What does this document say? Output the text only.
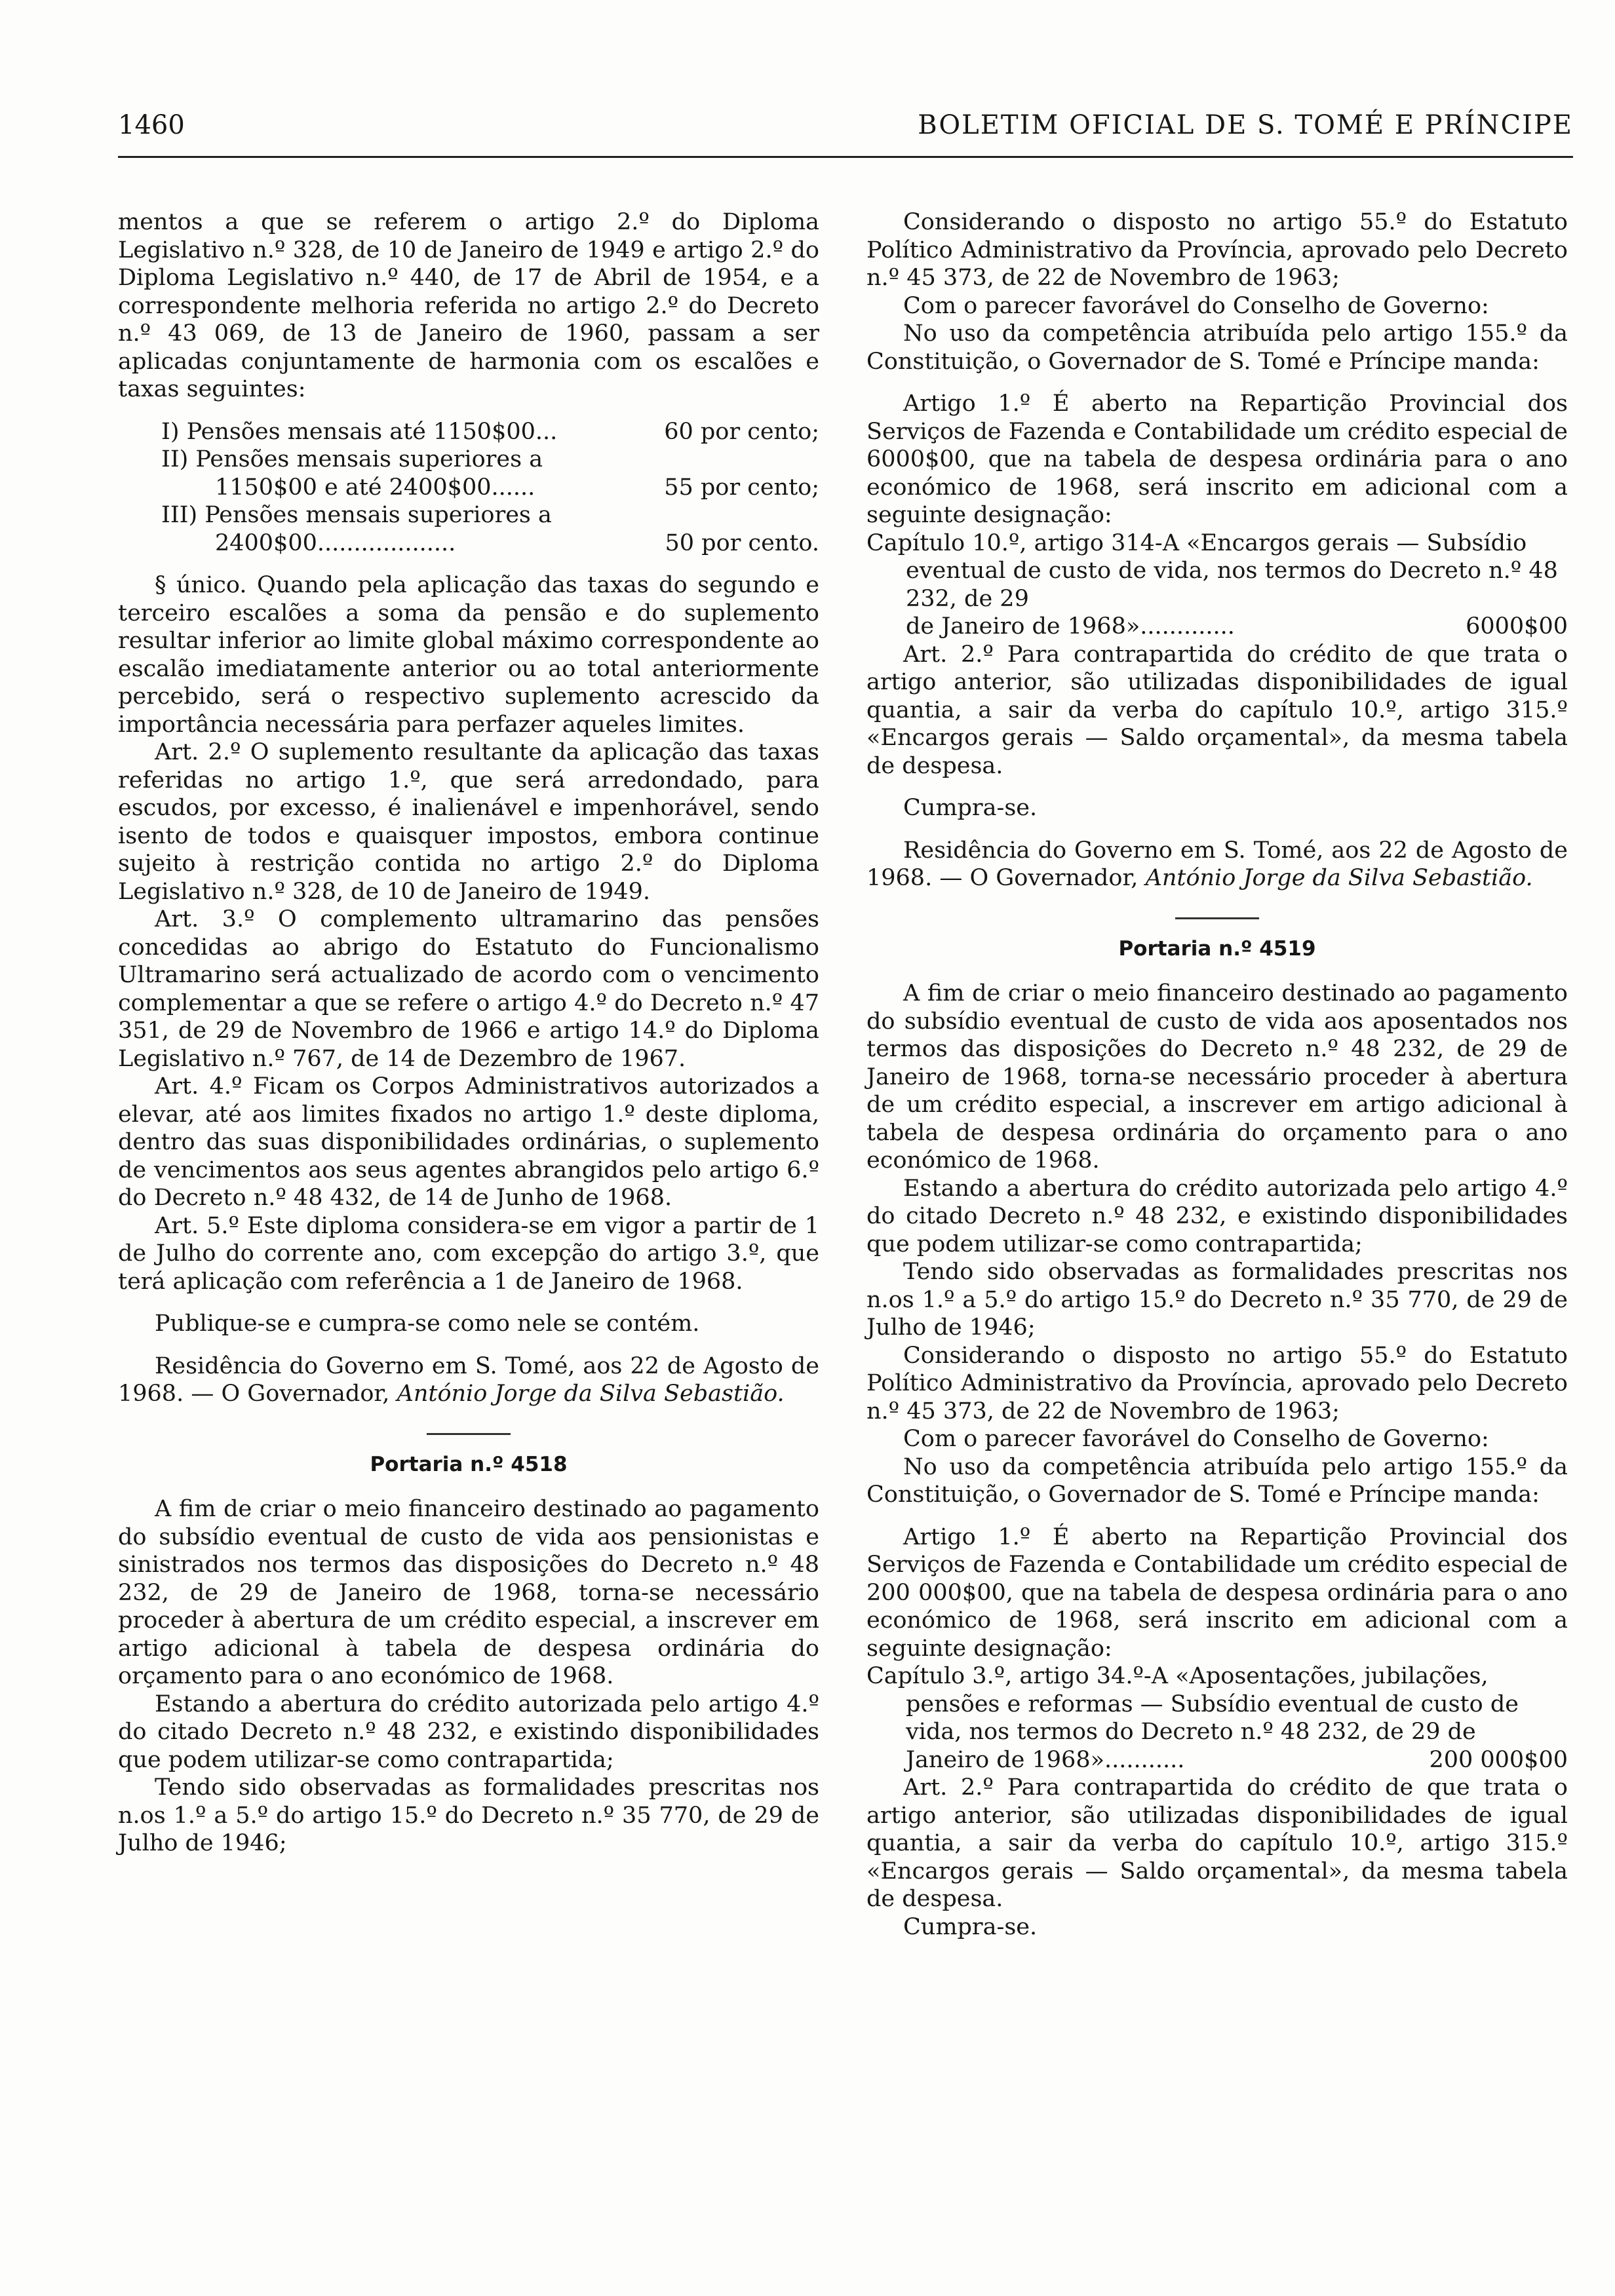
1460	BOLETIM OFICIAL DE S. TOMÉ E PRÍNCIPE

mentos a que se referem o artigo 2.º do Diploma Legislativo n.º 328, de 10 de Janeiro de 1949 e artigo 2.º do Diploma Legislativo n.º 440, de 17 de Abril de 1954, e a correspondente melhoria referida no artigo 2.º do Decreto n.º 43 069, de 13 de Janeiro de 1960, passam a ser aplicadas conjuntamente de harmonia com os escalões e taxas seguintes:

I) Pensões mensais até 1150$00...	60 por cento;
II) Pensões mensais superiores a
1150$00 e até 2400$00......	55 por cento;
III) Pensões mensais superiores a
2400$00...................	50 por cento.

§ único. Quando pela aplicação das taxas do segundo e terceiro escalões a soma da pensão e do suplemento resultar inferior ao limite global máximo correspondente ao escalão imediatamente anterior ou ao total anteriormente percebido, será o respectivo suplemento acrescido da importância necessária para perfazer aqueles limites.

Art. 2.º O suplemento resultante da aplicação das taxas referidas no artigo 1.º, que será arredondado, para escudos, por excesso, é inalienável e impenhorável, sendo isento de todos e quaisquer impostos, embora continue sujeito à restrição contida no artigo 2.º do Diploma Legislativo n.º 328, de 10 de Janeiro de 1949.

Art. 3.º O complemento ultramarino das pensões concedidas ao abrigo do Estatuto do Funcionalismo Ultramarino será actualizado de acordo com o vencimento complementar a que se refere o artigo 4.º do Decreto n.º 47 351, de 29 de Novembro de 1966 e artigo 14.º do Diploma Legislativo n.º 767, de 14 de Dezembro de 1967.

Art. 4.º Ficam os Corpos Administrativos autorizados a elevar, até aos limites fixados no artigo 1.º deste diploma, dentro das suas disponibilidades ordinárias, o suplemento de vencimentos aos seus agentes abrangidos pelo artigo 6.º do Decreto n.º 48 432, de 14 de Junho de 1968.

Art. 5.º Este diploma considera-se em vigor a partir de 1 de Julho do corrente ano, com excepção do artigo 3.º, que terá aplicação com referência a 1 de Janeiro de 1968.

Publique-se e cumpra-se como nele se contém.

Residência do Governo em S. Tomé, aos 22 de Agosto de 1968. — O Governador, António Jorge da Silva Sebastião.

Portaria n.º 4518

A fim de criar o meio financeiro destinado ao pagamento do subsídio eventual de custo de vida aos pensionistas e sinistrados nos termos das disposições do Decreto n.º 48 232, de 29 de Janeiro de 1968, torna-se necessário proceder à abertura de um crédito especial, a inscrever em artigo adicional à tabela de despesa ordinária do orçamento para o ano económico de 1968.

Estando a abertura do crédito autorizada pelo artigo 4.º do citado Decreto n.º 48 232, e existindo disponibilidades que podem utilizar-se como contrapartida;

Tendo sido observadas as formalidades prescritas nos n.os 1.º a 5.º do artigo 15.º do Decreto n.º 35 770, de 29 de Julho de 1946;

Considerando o disposto no artigo 55.º do Estatuto Político Administrativo da Província, aprovado pelo Decreto n.º 45 373, de 22 de Novembro de 1963;

Com o parecer favorável do Conselho de Governo:

No uso da competência atribuída pelo artigo 155.º da Constituição, o Governador de S. Tomé e Príncipe manda:

Artigo 1.º É aberto na Repartição Provincial dos Serviços de Fazenda e Contabilidade um crédito especial de 6000$00, que na tabela de despesa ordinária para o ano económico de 1968, será inscrito em adicional com a seguinte designação:

Capítulo 10.º, artigo 314-A «Encargos gerais — Subsídio eventual de custo de vida, nos termos do Decreto n.º 48 232, de 29

de Janeiro de 1968».............	6000$00

Art. 2.º Para contrapartida do crédito de que trata o artigo anterior, são utilizadas disponibilidades de igual quantia, a sair da verba do capítulo 10.º, artigo 315.º «Encargos gerais — Saldo orçamental», da mesma tabela de despesa.

Cumpra-se.

Residência do Governo em S. Tomé, aos 22 de Agosto de 1968. — O Governador, António Jorge da Silva Sebastião.

Portaria n.º 4519

A fim de criar o meio financeiro destinado ao pagamento do subsídio eventual de custo de vida aos aposentados nos termos das disposições do Decreto n.º 48 232, de 29 de Janeiro de 1968, torna-se necessário proceder à abertura de um crédito especial, a inscrever em artigo adicional à tabela de despesa ordinária do orçamento para o ano económico de 1968.

Estando a abertura do crédito autorizada pelo artigo 4.º do citado Decreto n.º 48 232, e existindo disponibilidades que podem utilizar-se como contrapartida;

Tendo sido observadas as formalidades prescritas nos n.os 1.º a 5.º do artigo 15.º do Decreto n.º 35 770, de 29 de Julho de 1946;

Considerando o disposto no artigo 55.º do Estatuto Político Administrativo da Província, aprovado pelo Decreto n.º 45 373, de 22 de Novembro de 1963;

Com o parecer favorável do Conselho de Governo:

No uso da competência atribuída pelo artigo 155.º da Constituição, o Governador de S. Tomé e Príncipe manda:

Artigo 1.º É aberto na Repartição Provincial dos Serviços de Fazenda e Contabilidade um crédito especial de 200 000$00, que na tabela de despesa ordinária para o ano económico de 1968, será inscrito em adicional com a seguinte designação:

Capítulo 3.º, artigo 34.º-A «Aposentações, jubilações, pensões e reformas — Subsídio eventual de custo de vida, nos termos do Decreto n.º 48 232, de 29 de

Janeiro de 1968»...........	200 000$00

Art. 2.º Para contrapartida do crédito de que trata o artigo anterior, são utilizadas disponibilidades de igual quantia, a sair da verba do capítulo 10.º, artigo 315.º «Encargos gerais — Saldo orçamental», da mesma tabela de despesa.

Cumpra-se.
